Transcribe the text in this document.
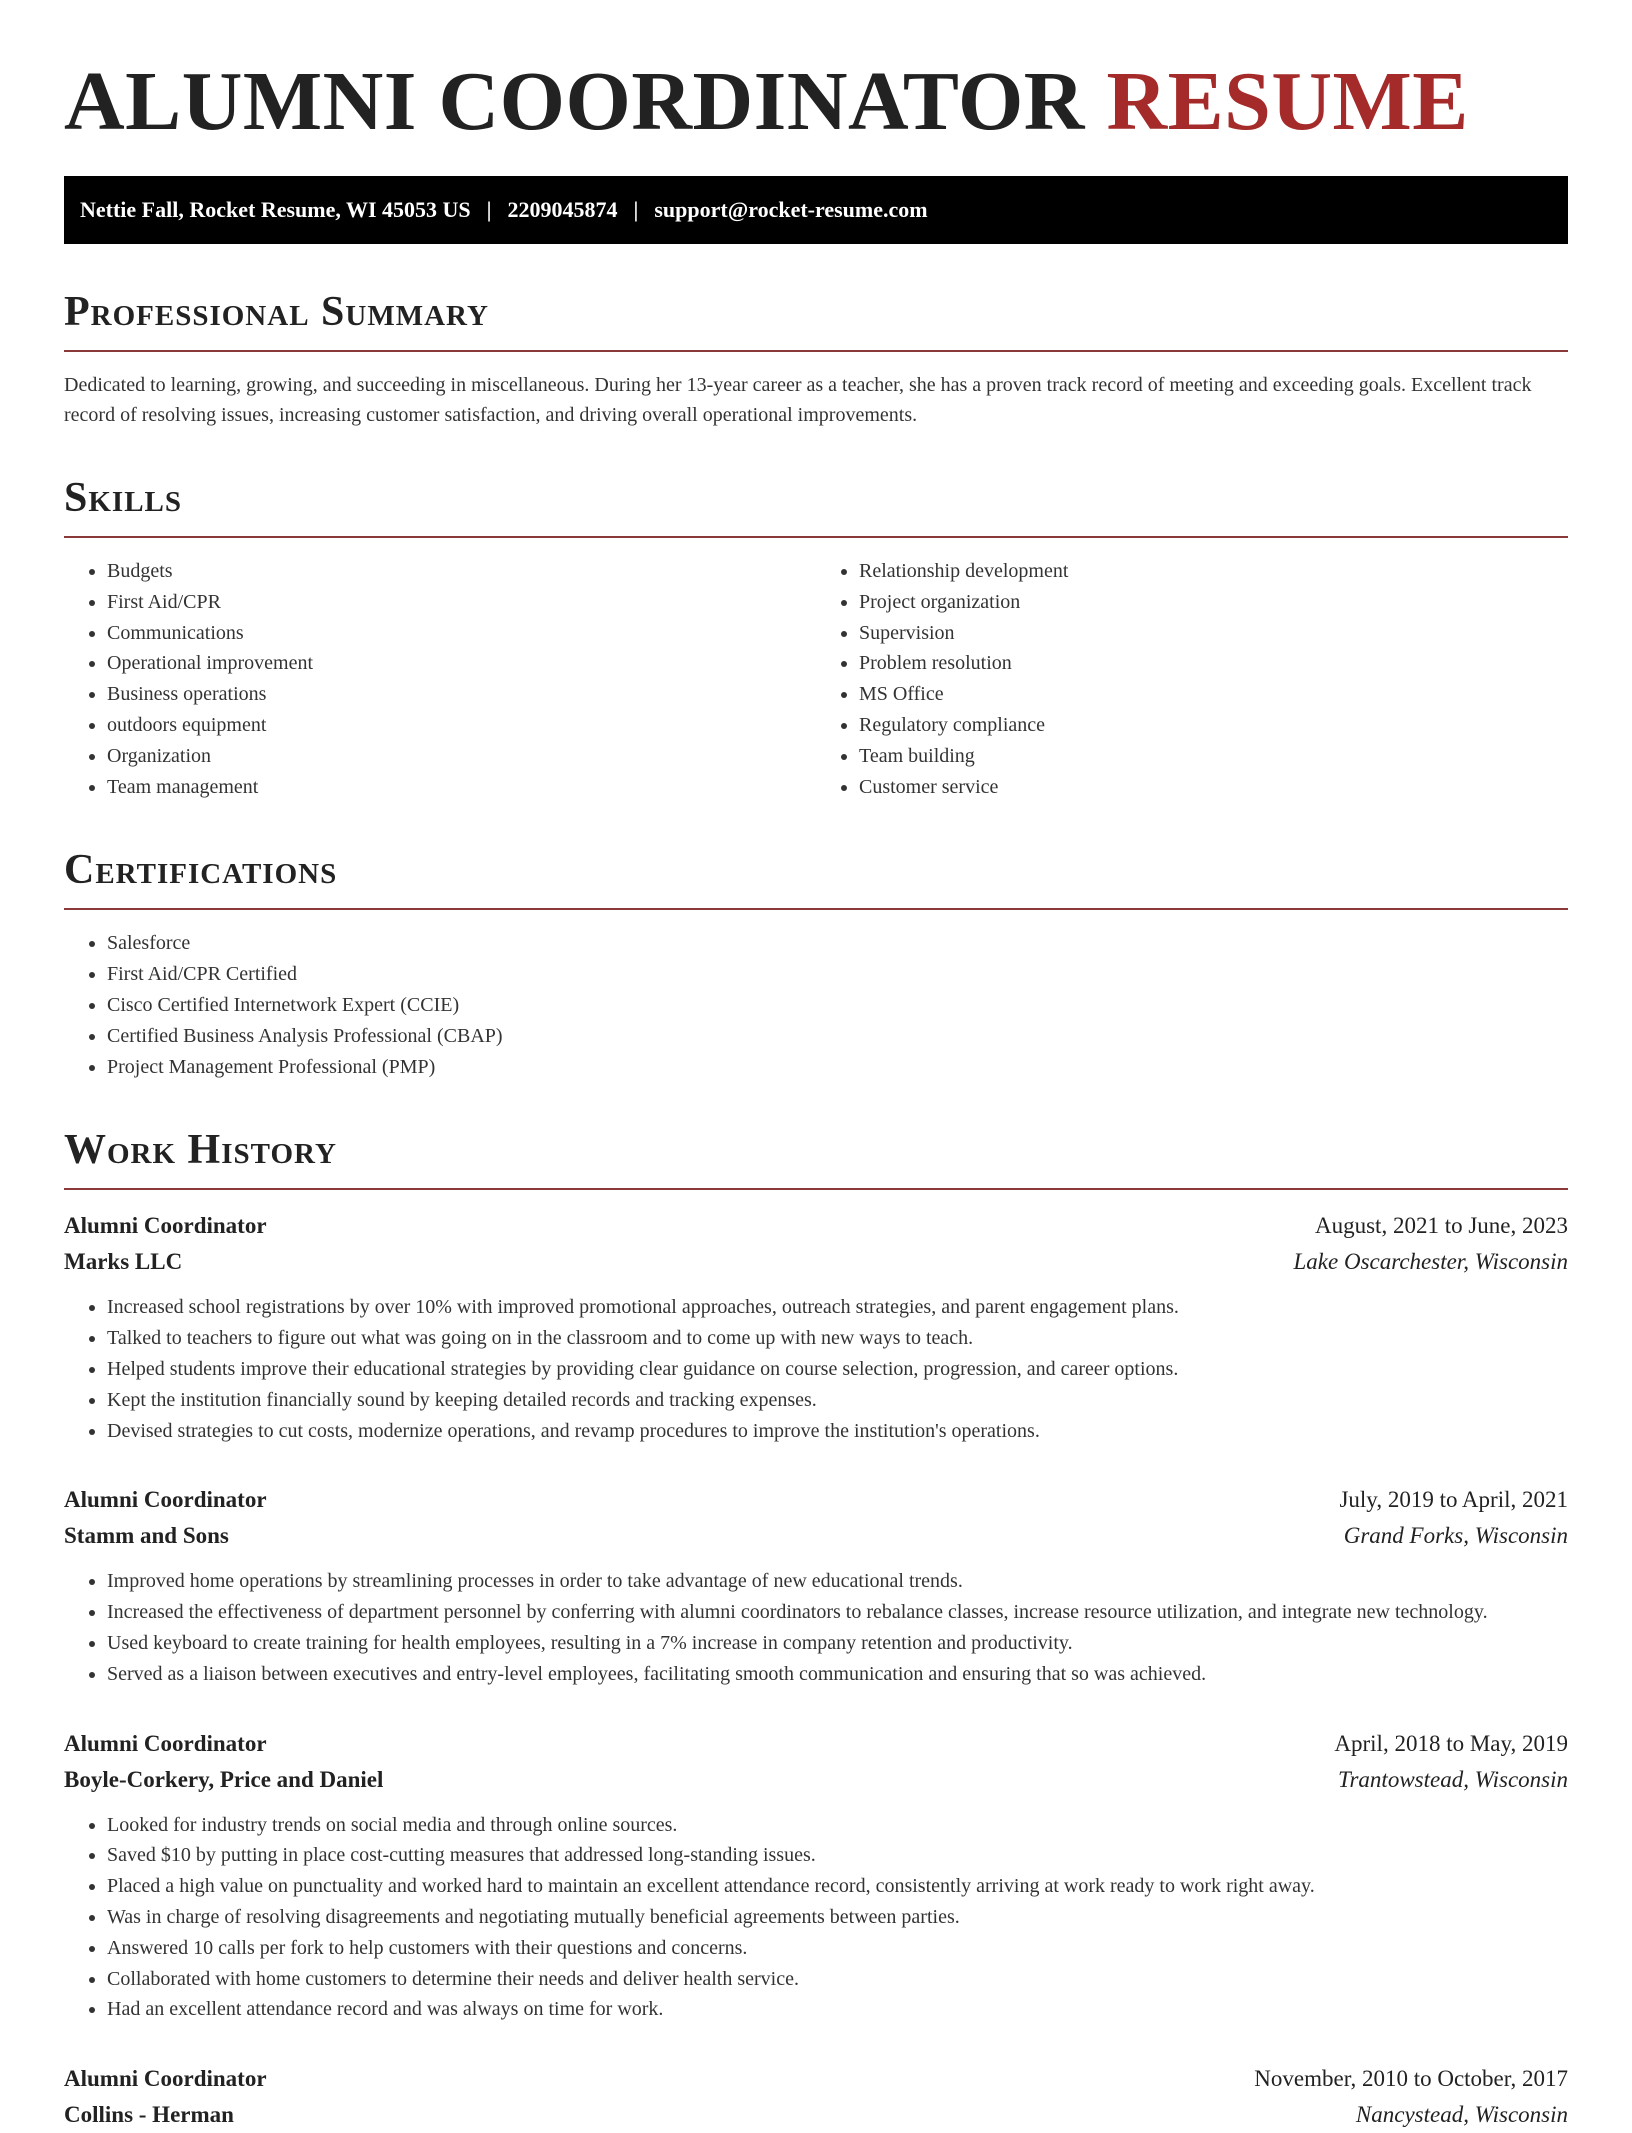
ALUMNI COORDINATOR RESUME
Nettie Fall, Rocket Resume, WI 45053 US | 2209045874 | support@rocket-resume.com
Professional Summary

Dedicated to learning, growing, and succeeding in miscellaneous. During her 13-year career as a teacher, she has a proven track record of meeting and exceeding goals. Excellent track record of resolving issues, increasing customer satisfaction, and driving overall operational improvements.

Skills
• Budgets
• First Aid/CPR
• Communications
• Operational improvement
• Business operations
• outdoors equipment
• Organization
• Team management
• Relationship development
• Project organization
• Supervision
• Problem resolution
• MS Office
• Regulatory compliance
• Team building
• Customer service
Certifications
• Salesforce
• First Aid/CPR Certified
• Cisco Certified Internetwork Expert (CCIE)
• Certified Business Analysis Professional (CBAP)
• Project Management Professional (PMP)
Work History
Alumni Coordinator	August, 2021 to June, 2023
Marks LLC	Lake Oscarchester, Wisconsin
• Increased school registrations by over 10% with improved promotional approaches, outreach strategies, and parent engagement plans.
• Talked to teachers to figure out what was going on in the classroom and to come up with new ways to teach.
• Helped students improve their educational strategies by providing clear guidance on course selection, progression, and career options.
• Kept the institution financially sound by keeping detailed records and tracking expenses.
• Devised strategies to cut costs, modernize operations, and revamp procedures to improve the institution's operations.
Alumni Coordinator	July, 2019 to April, 2021
Stamm and Sons	Grand Forks, Wisconsin
• Improved home operations by streamlining processes in order to take advantage of new educational trends.
• Increased the effectiveness of department personnel by conferring with alumni coordinators to rebalance classes, increase resource utilization, and integrate new technology.
• Used keyboard to create training for health employees, resulting in a 7% increase in company retention and productivity.
• Served as a liaison between executives and entry-level employees, facilitating smooth communication and ensuring that so was achieved.
Alumni Coordinator	April, 2018 to May, 2019
Boyle-Corkery, Price and Daniel	Trantowstead, Wisconsin
• Looked for industry trends on social media and through online sources.
• Saved $10 by putting in place cost-cutting measures that addressed long-standing issues.
• Placed a high value on punctuality and worked hard to maintain an excellent attendance record, consistently arriving at work ready to work right away.
• Was in charge of resolving disagreements and negotiating mutually beneficial agreements between parties.
• Answered 10 calls per fork to help customers with their questions and concerns.
• Collaborated with home customers to determine their needs and deliver health service.
• Had an excellent attendance record and was always on time for work.
Alumni Coordinator	November, 2010 to October, 2017
Collins - Herman	Nancystead, Wisconsin
